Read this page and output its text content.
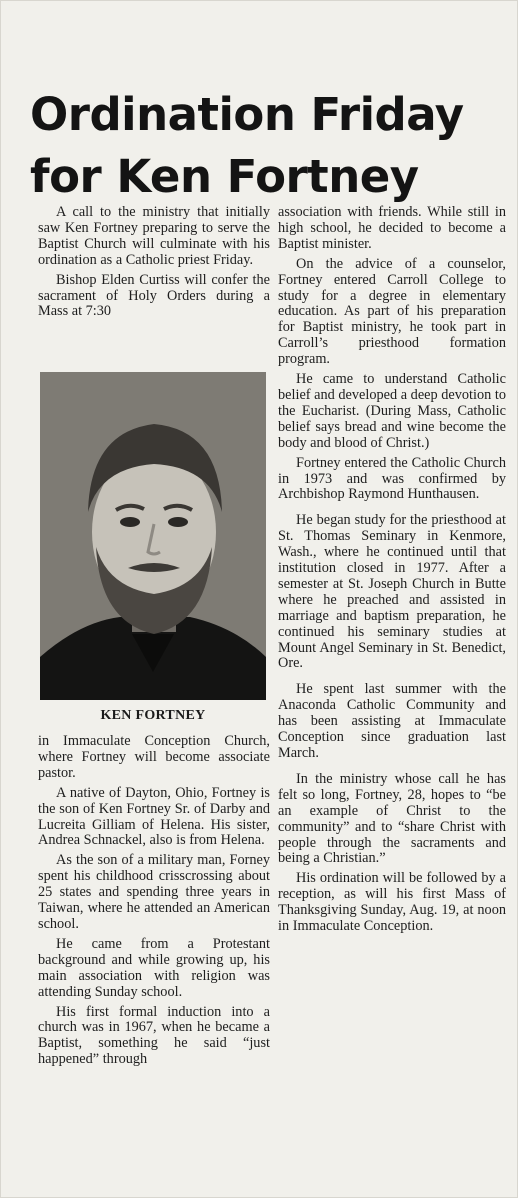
Ordination Friday
for Ken Fortney

A call to the ministry that initially saw Ken Fortney preparing to serve the Baptist Church will culminate with his ordination as a Catholic priest Friday.

Bishop Elden Curtiss will confer the sacrament of Holy Orders during a Mass at 7:30

KEN FORTNEY

in Immaculate Conception Church, where Fortney will become associate pastor.

A native of Dayton, Ohio, Fortney is the son of Ken Fortney Sr. of Darby and Lucreita Gilliam of Helena. His sister, Andrea Schnackel, also is from Helena.

As the son of a military man, Forney spent his childhood crisscrossing about 25 states and spending three years in Taiwan, where he attended an American school.

He came from a Protestant background and while growing up, his main association with religion was attending Sunday school.

His first formal induction into a church was in 1967, when he became a Baptist, something he said “just happened” through

association with friends. While still in high school, he decided to become a Baptist minister.

On the advice of a counselor, Fortney entered Carroll College to study for a degree in elementary education. As part of his preparation for Baptist ministry, he took part in Carroll’s priesthood formation program.

He came to understand Catholic belief and developed a deep devotion to the Eucharist. (During Mass, Catholic belief says bread and wine become the body and blood of Christ.)

Fortney entered the Catholic Church in 1973 and was confirmed by Archbishop Raymond Hunthausen.

He began study for the priesthood at St. Thomas Seminary in Kenmore, Wash., where he continued until that institution closed in 1977. After a semester at St. Joseph Church in Butte where he preached and assisted in marriage and baptism preparation, he continued his seminary studies at Mount Angel Seminary in St. Benedict, Ore.

He spent last summer with the Anaconda Catholic Community and has been assisting at Immaculate Conception since graduation last March.

In the ministry whose call he has felt so long, Fortney, 28, hopes to “be an example of Christ to the community” and to “share Christ with people through the sacraments and being a Christian.”

His ordination will be followed by a reception, as will his first Mass of Thanksgiving Sunday, Aug. 19, at noon in Immaculate Conception.
